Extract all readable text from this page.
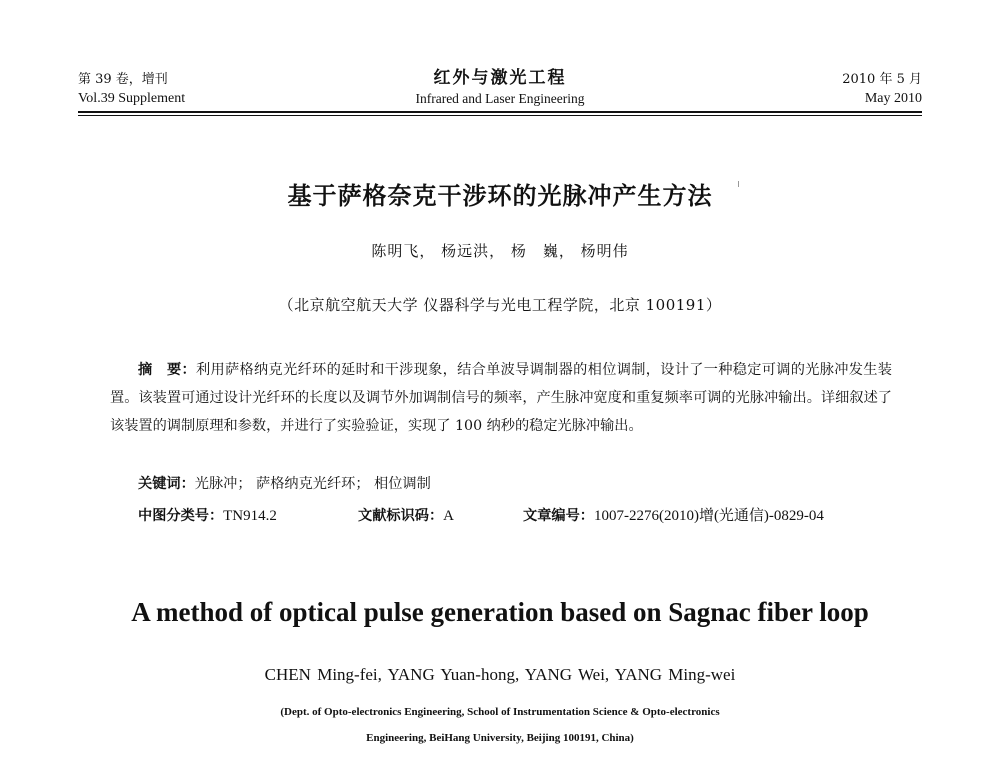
第 39 卷，增刊
Vol.39 Supplement
红外与激光工程
Infrared and Laser Engineering
2010 年 5 月
May 2010
基于萨格奈克干涉环的光脉冲产生方法
陈明飞， 杨远洪， 杨　巍， 杨明伟
（北京航空航天大学 仪器科学与光电工程学院，北京 100191）
摘　要：利用萨格纳克光纤环的延时和干涉现象，结合单波导调制器的相位调制，设计了一种稳定可调的光脉冲发生装置。该装置可通过设计光纤环的长度以及调节外加调制信号的频率，产生脉冲宽度和重复频率可调的光脉冲输出。详细叙述了该装置的调制原理和参数，并进行了实验验证，实现了 100 纳秒的稳定光脉冲输出。
关键词：光脉冲； 萨格纳克光纤环； 相位调制
中图分类号：TN914.2	文献标识码：A	文章编号：1007-2276(2010)增(光通信)-0829-04
A method of optical pulse generation based on Sagnac fiber loop
CHEN Ming-fei, YANG Yuan-hong, YANG Wei, YANG Ming-wei
(Dept. of Opto-electronics Engineering, School of Instrumentation Science & Opto-electronics
Engineering, BeiHang University, Beijing 100191, China)
